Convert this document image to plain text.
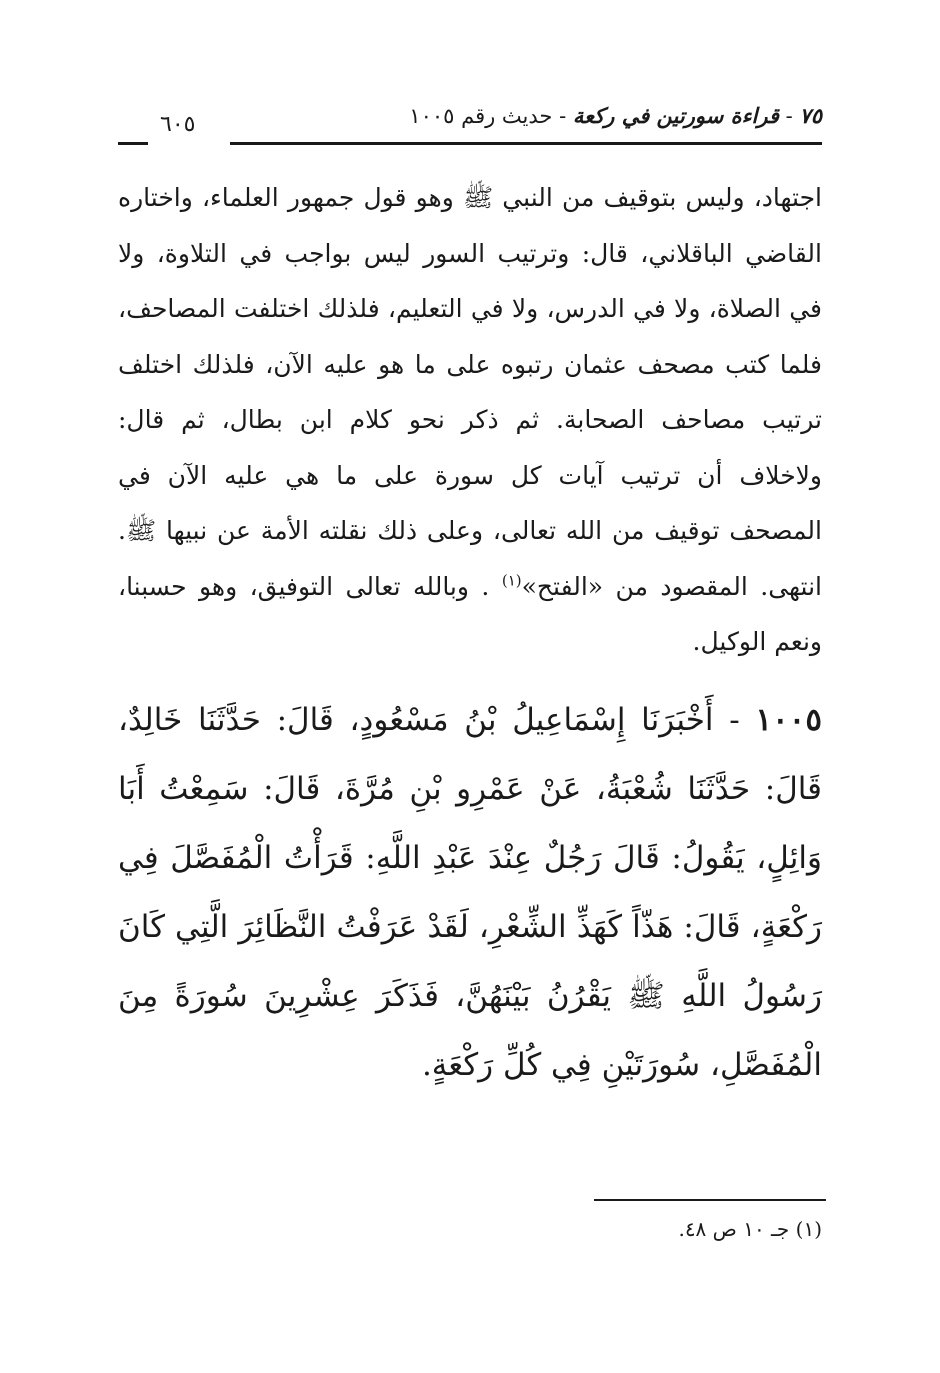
٧٥ - قراءة سورتين في ركعة - حديث رقم ١٠٠٥
٦٠٥

اجتهاد، وليس بتوقيف من النبي ﷺ وهو قول جمهور العلماء، واختاره القاضي الباقلاني، قال: وترتيب السور ليس بواجب في التلاوة، ولا في الصلاة، ولا في الدرس، ولا في التعليم، فلذلك اختلفت المصاحف، فلما كتب مصحف عثمان رتبوه على ما هو عليه الآن، فلذلك اختلف ترتيب مصاحف الصحابة. ثم ذكر نحو كلام ابن بطال، ثم قال: ولاخلاف أن ترتيب آيات كل سورة على ما هي عليه الآن في المصحف توقيف من الله تعالى، وعلى ذلك نقلته الأمة عن نبيها ﷺ. انتهى. المقصود من «الفتح»$^{(١)}$ . وبالله تعالى التوفيق، وهو حسبنا، ونعم الوكيل.

١٠٠٥ - أَخْبَرَنَا إِسْمَاعِيلُ بْنُ مَسْعُودٍ، قَالَ: حَدَّثَنَا خَالِدٌ، قَالَ: حَدَّثَنَا شُعْبَةُ، عَنْ عَمْرِو بْنِ مُرَّةَ، قَالَ: سَمِعْتُ أَبَا وَائِلٍ، يَقُولُ: قَالَ رَجُلٌ عِنْدَ عَبْدِ اللَّهِ: قَرَأْتُ الْمُفَصَّلَ فِي رَكْعَةٍ، قَالَ: هَذّاً كَهَذِّ الشِّعْرِ، لَقَدْ عَرَفْتُ النَّظَائِرَ الَّتِي كَانَ رَسُولُ اللَّهِ ﷺ يَقْرُنُ بَيْنَهُنَّ، فَذَكَرَ عِشْرِينَ سُورَةً مِنَ الْمُفَصَّلِ، سُورَتَيْنِ فِي كُلِّ رَكْعَةٍ.

(١) جـ ١٠ ص ٤٨.
